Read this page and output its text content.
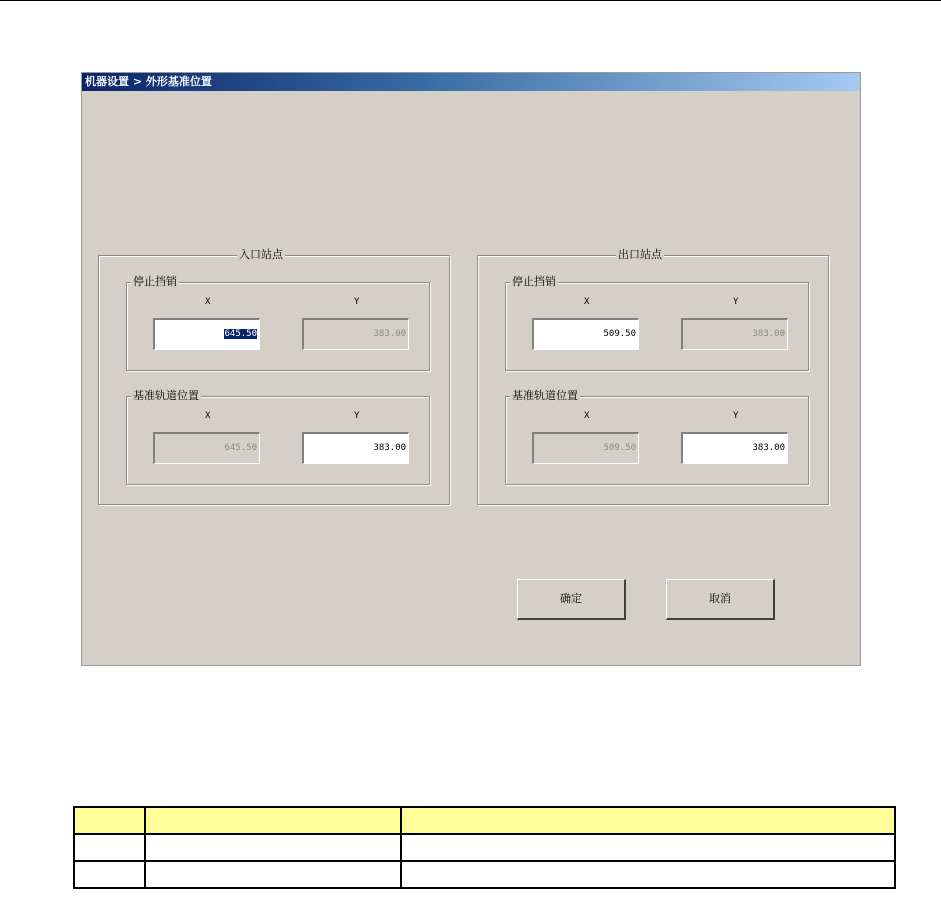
机器设置 > 外形基准位置
入口站点
停止挡销
X	Y
645.50	383.00
基准轨道位置
X	Y
645.50	383.00
出口站点
停止挡销
X	Y
509.50	383.00
基准轨道位置
X	Y
509.50	383.00
确定	取消
